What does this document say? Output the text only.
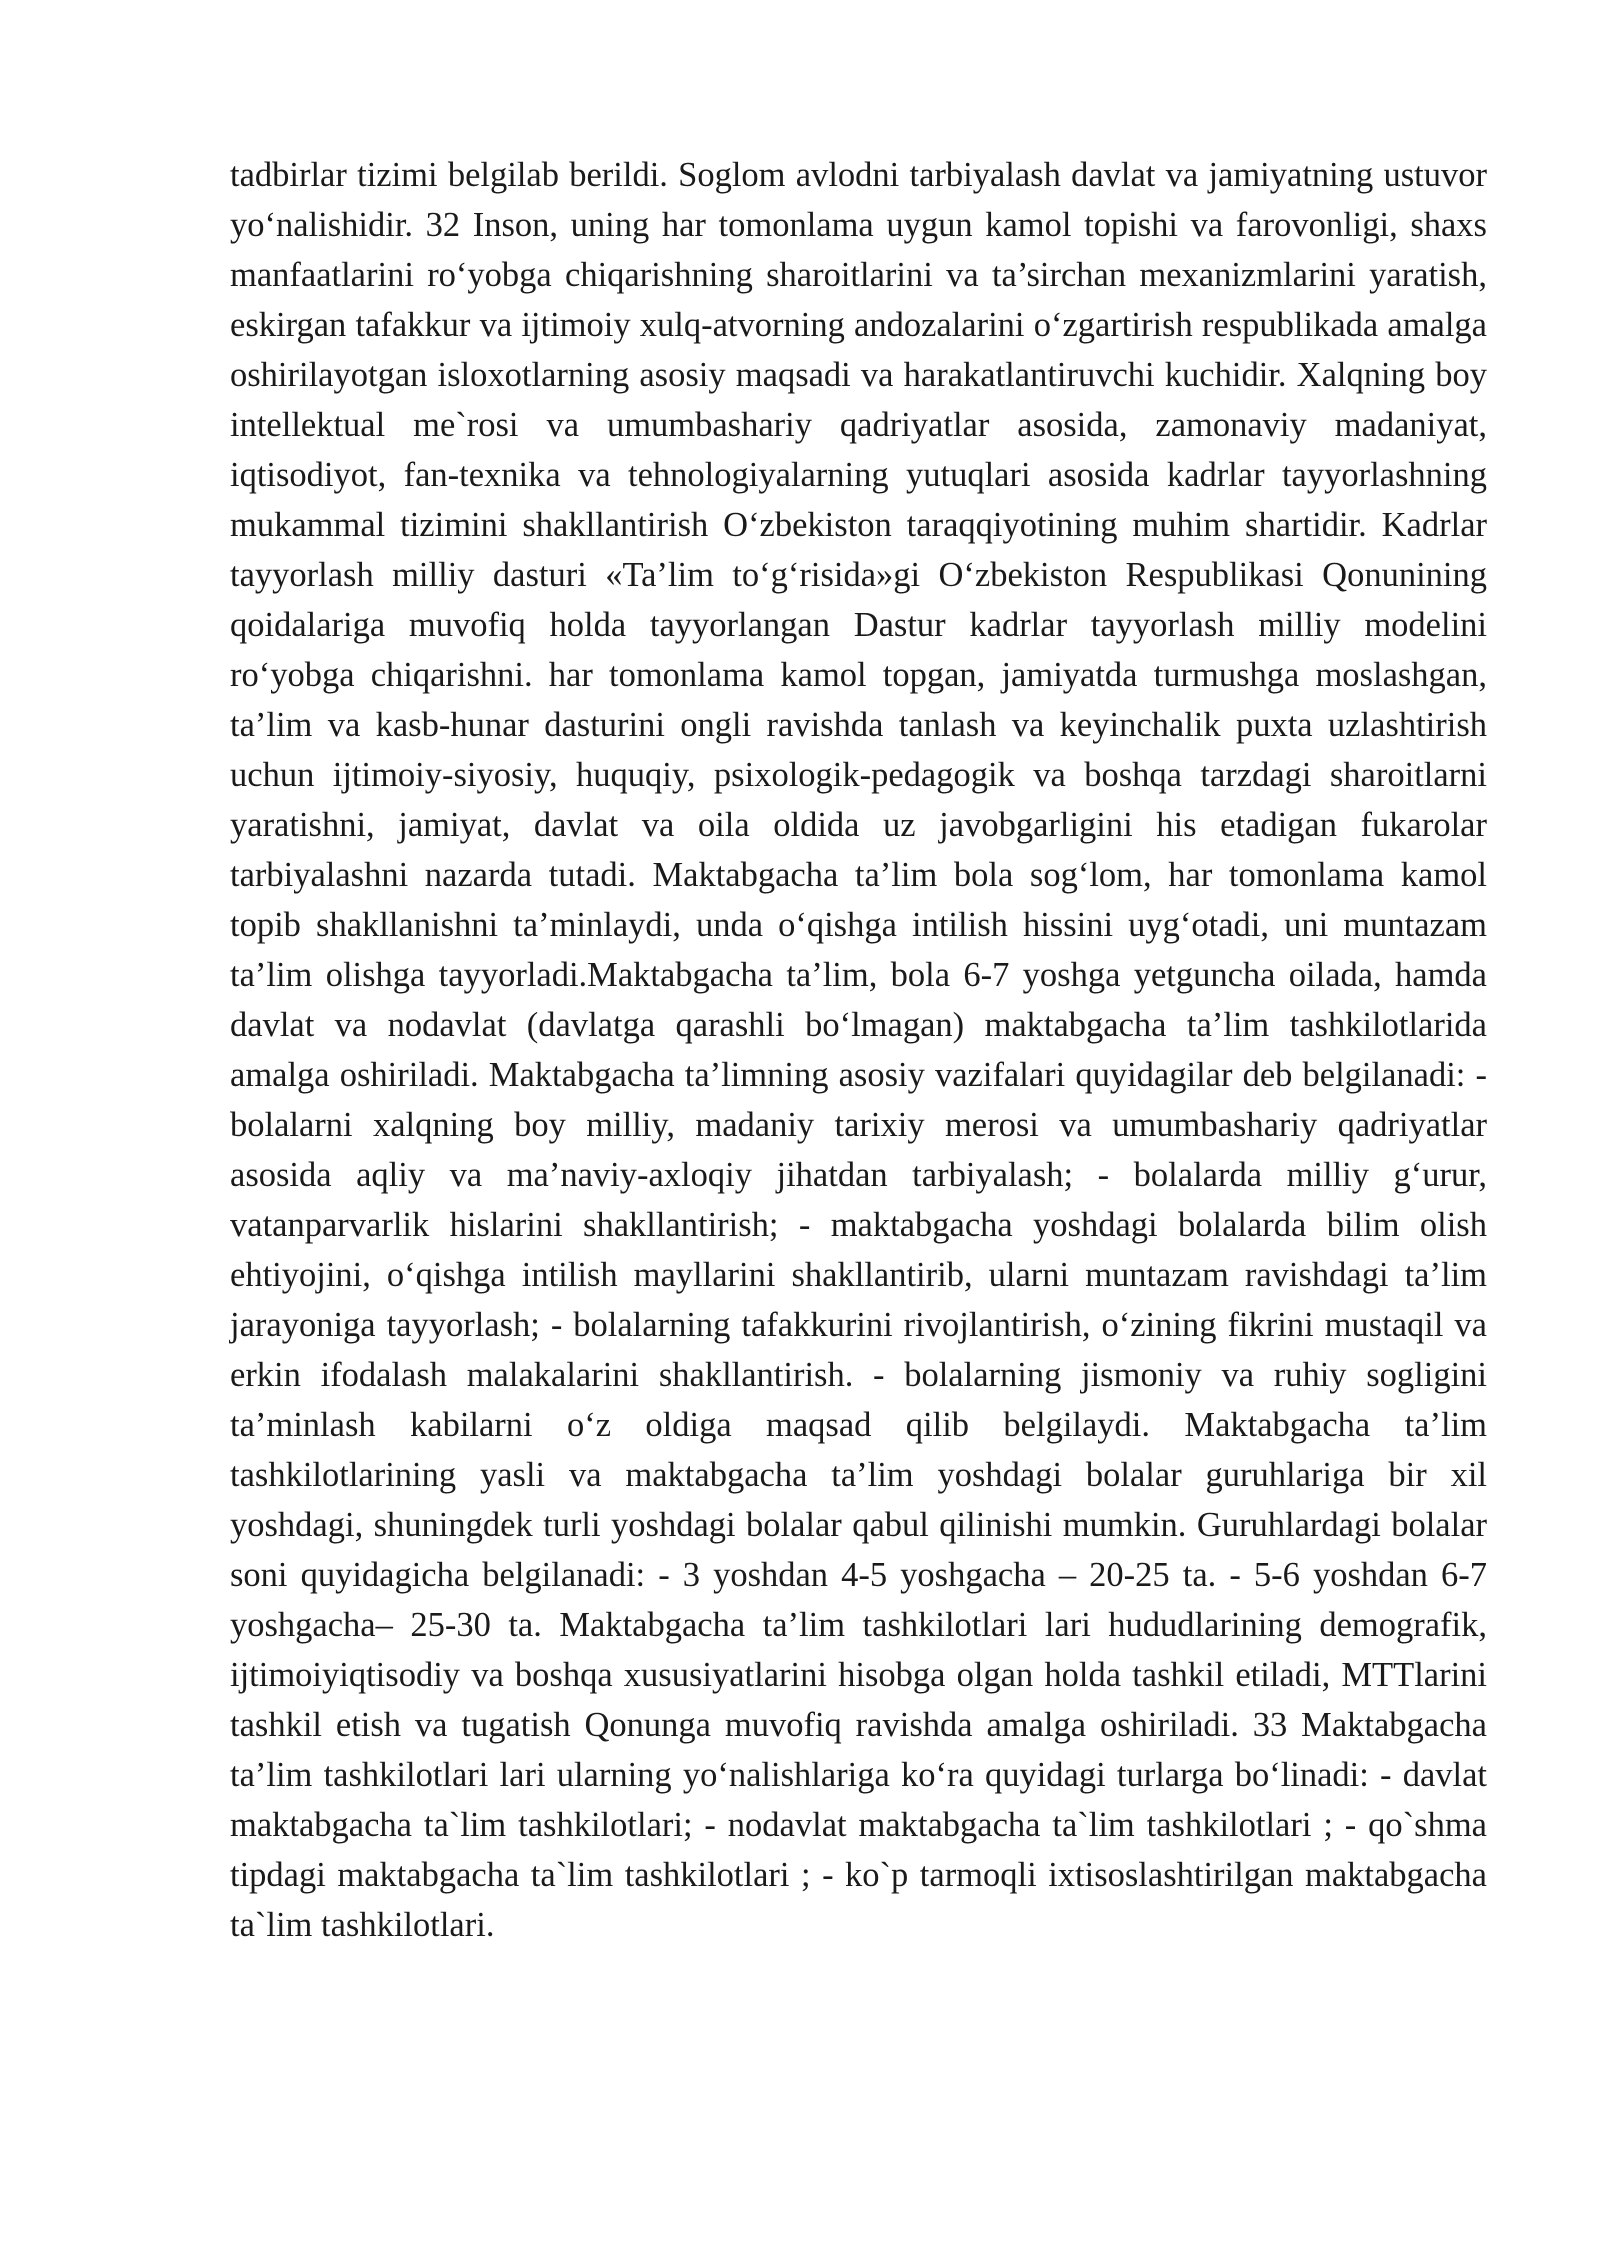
tadbirlar tizimi belgilab berildi. Soglom avlodni tarbiyalash davlat va jamiyatning ustuvor yo‘nalishidir. 32 Inson, uning har tomonlama uygun kamol topishi va farovonligi, shaxs manfaatlarini ro‘yobga chiqarishning sharoitlarini va ta’sirchan mexanizmlarini yaratish, eskirgan tafakkur va ijtimoiy xulq-atvorning andozalarini o‘zgartirish respublikada amalga oshirilayotgan isloxotlarning asosiy maqsadi va harakatlantiruvchi kuchidir. Xalqning boy intellektual me`rosi va umumbashariy qadriyatlar asosida, zamonaviy madaniyat, iqtisodiyot, fan-texnika va tehnologiyalarning yutuqlari asosida kadrlar tayyorlashning mukammal tizimini shakllantirish O‘zbekiston taraqqiyotining muhim shartidir. Kadrlar tayyorlash milliy dasturi «Ta’lim to‘g‘risida»gi O‘zbekiston Respublikasi Qonunining qoidalariga muvofiq holda tayyorlangan Dastur kadrlar tayyorlash milliy modelini ro‘yobga chiqarishni. har tomonlama kamol topgan, jamiyatda turmushga moslashgan, ta’lim va kasb-hunar dasturini ongli ravishda tanlash va keyinchalik puxta uzlashtirish uchun ijtimoiy-siyosiy, huquqiy, psixologik-pedagogik va boshqa tarzdagi sharoitlarni yaratishni, jamiyat, davlat va oila oldida uz javobgarligini his etadigan fukarolar tarbiyalashni nazarda tutadi. Maktabgacha ta’lim bola sog‘lom, har tomonlama kamol topib shakllanishni ta’minlaydi, unda o‘qishga intilish hissini uyg‘otadi, uni muntazam ta’lim olishga tayyorladi.Maktabgacha ta’lim, bola 6-7 yoshga yetguncha oilada, hamda davlat va nodavlat (davlatga qarashli bo‘lmagan) maktabgacha ta’lim tashkilotlarida amalga oshiriladi. Maktabgacha ta’limning asosiy vazifalari quyidagilar deb belgilanadi: - bolalarni xalqning boy milliy, madaniy tarixiy merosi va umumbashariy qadriyatlar asosida aqliy va ma’naviy-axloqiy jihatdan tarbiyalash; - bolalarda milliy g‘urur, vatanparvarlik hislarini shakllantirish; - maktabgacha yoshdagi bolalarda bilim olish ehtiyojini, o‘qishga intilish mayllarini shakllantirib, ularni muntazam ravishdagi ta’lim jarayoniga tayyorlash; - bolalarning tafakkurini rivojlantirish, o‘zining fikrini mustaqil va erkin ifodalash malakalarini shakllantirish. - bolalarning jismoniy va ruhiy sogligini ta’minlash kabilarni o‘z oldiga maqsad qilib belgilaydi. Maktabgacha ta’lim tashkilotlarining yasli va maktabgacha ta’lim yoshdagi bolalar guruhlariga bir xil yoshdagi, shuningdek turli yoshdagi bolalar qabul qilinishi mumkin. Guruhlardagi bolalar soni quyidagicha belgilanadi: - 3 yoshdan 4-5 yoshgacha – 20-25 ta. - 5-6 yoshdan 6-7 yoshgacha– 25-30 ta. Maktabgacha ta’lim tashkilotlari lari hududlarining demografik, ijtimoiyiqtisodiy va boshqa xususiyatlarini hisobga olgan holda tashkil etiladi, MTTlarini tashkil etish va tugatish Qonunga muvofiq ravishda amalga oshiriladi. 33 Maktabgacha ta’lim tashkilotlari lari ularning yo‘nalishlariga ko‘ra quyidagi turlarga bo‘linadi: - davlat maktabgacha ta`lim tashkilotlari; - nodavlat maktabgacha ta`lim tashkilotlari ; - qo`shma tipdagi maktabgacha ta`lim tashkilotlari ; - ko`p tarmoqli ixtisoslashtirilgan maktabgacha ta`lim tashkilotlari.
